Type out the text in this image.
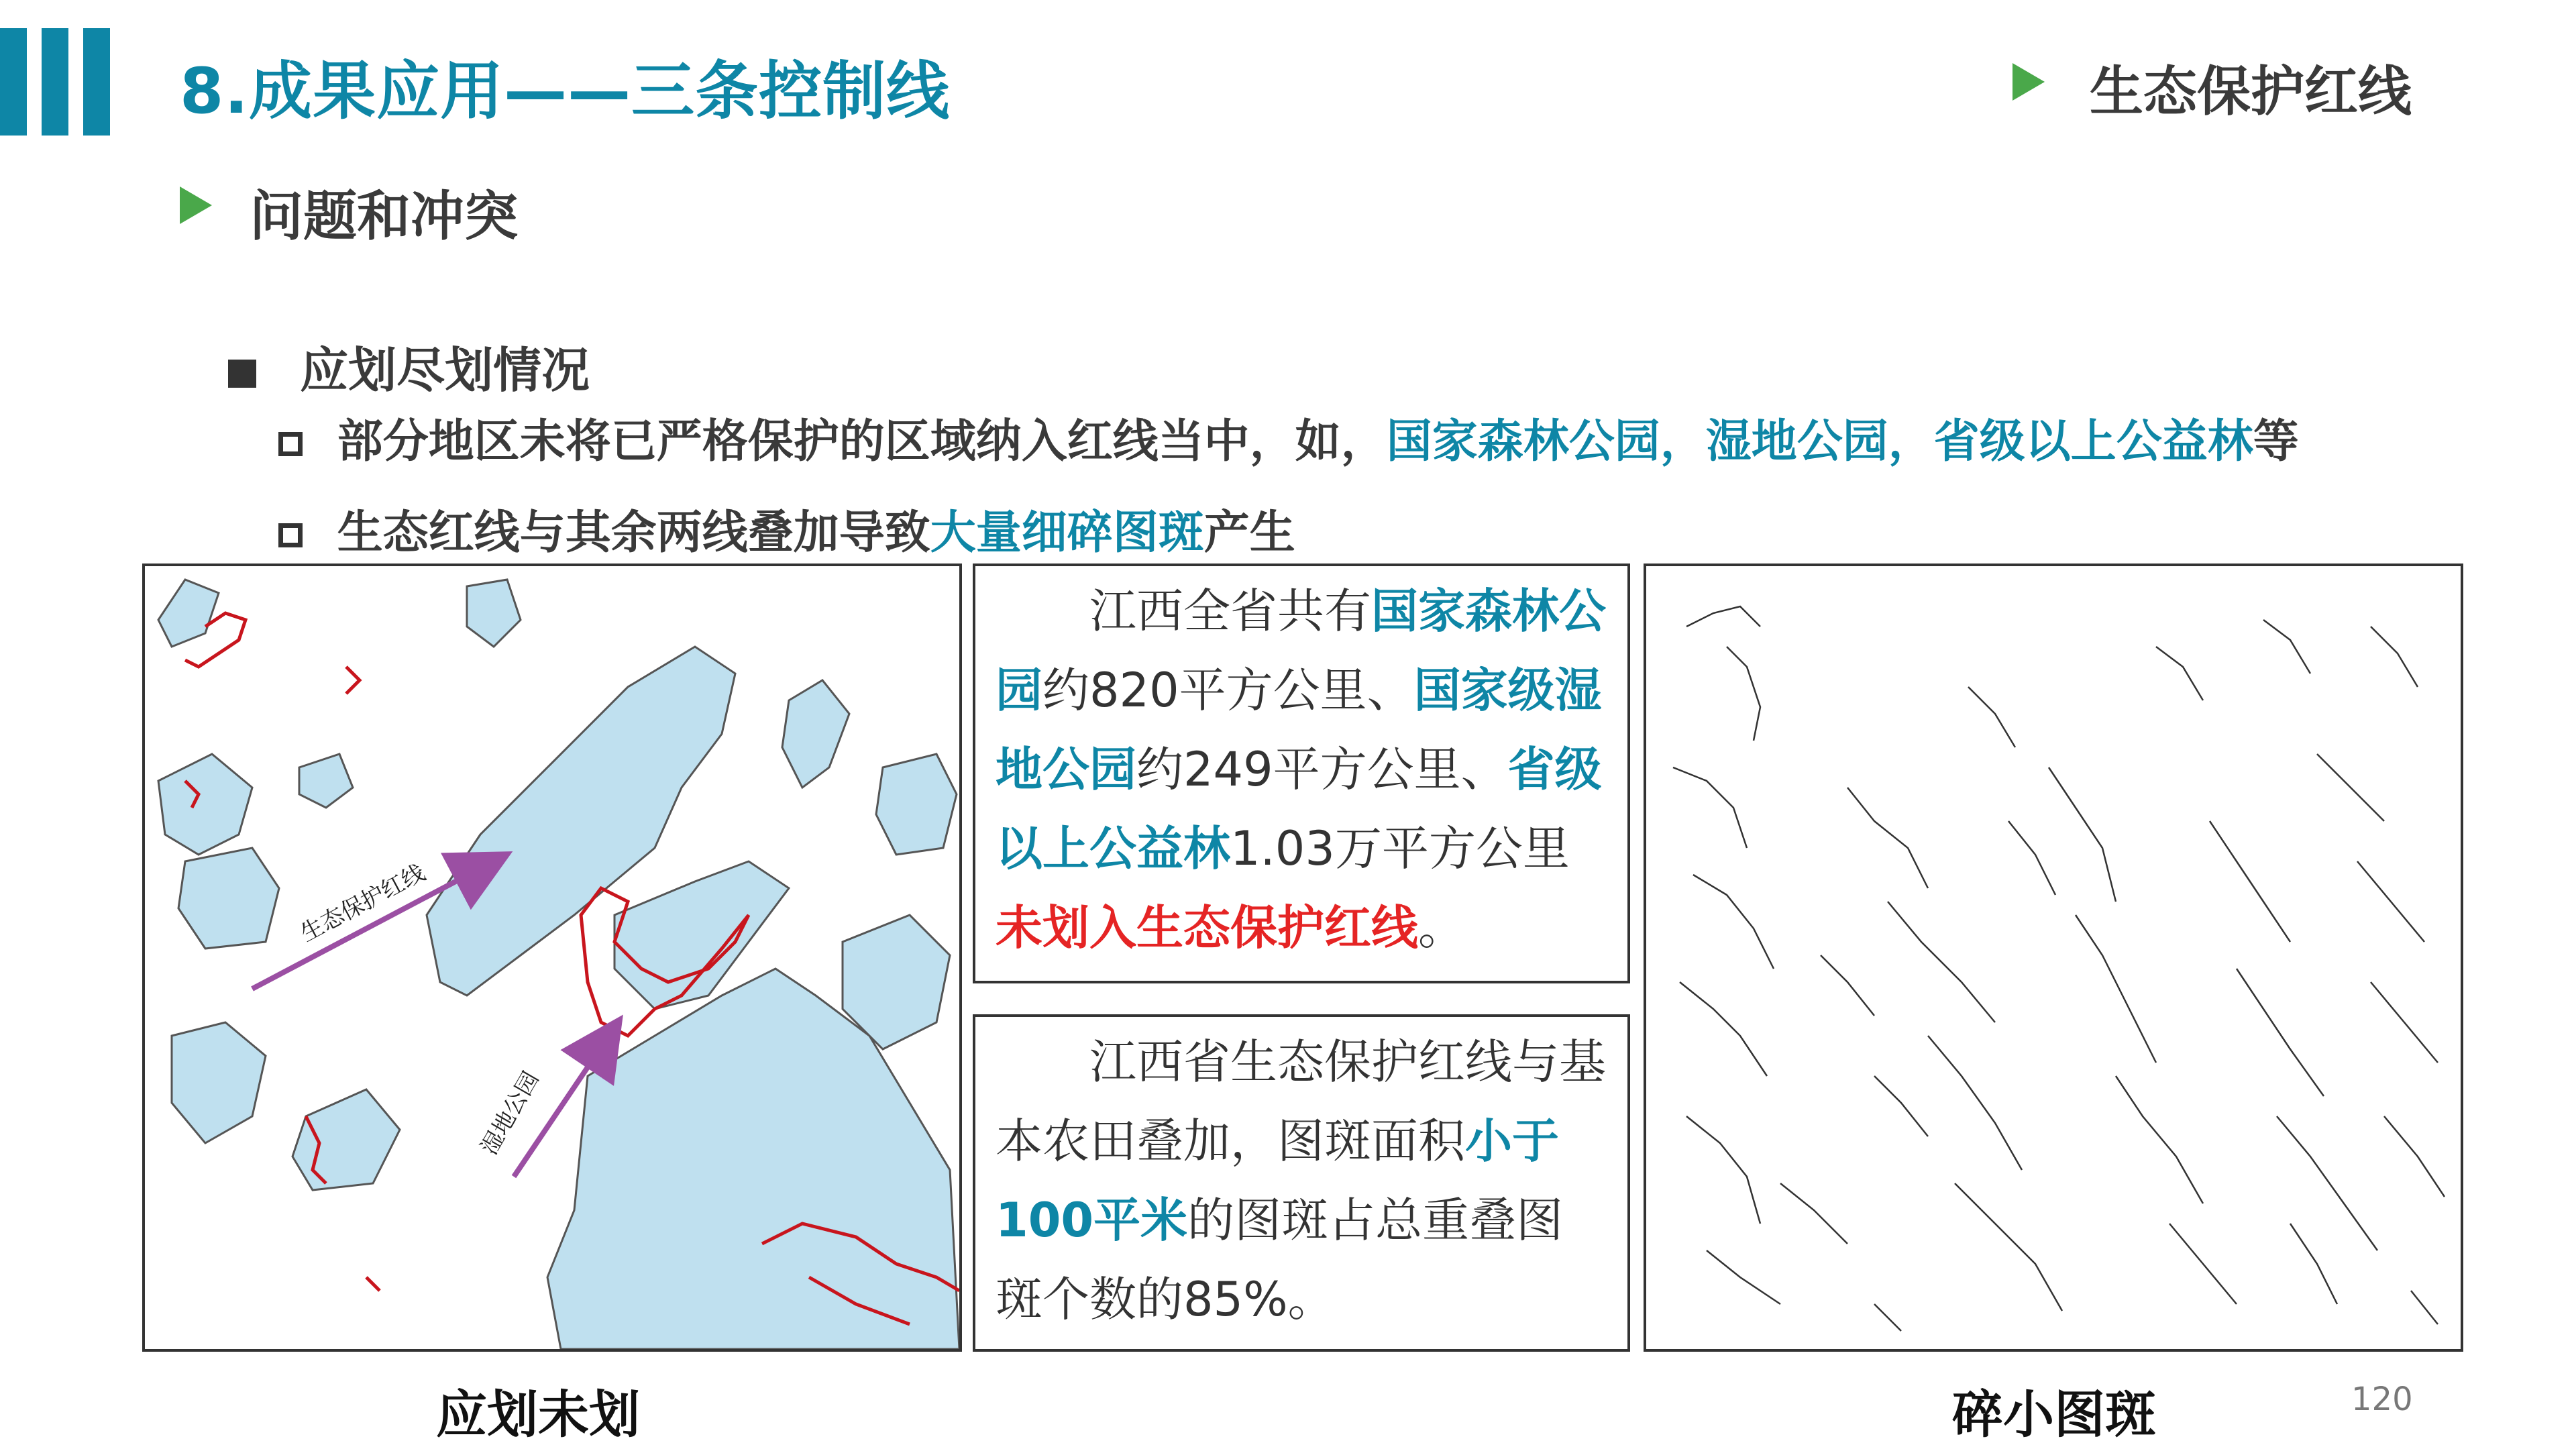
8.成果应用——三条控制线	生态保护红线
问题和冲突
应划尽划情况
部分地区未将已严格保护的区域纳入红线当中，如，国家森林公园，湿地公园，省级以上公益林等
生态红线与其余两线叠加导致大量细碎图斑产生
生态保护红线
湿地公园
江西全省共有国家森林公园约820平方公里、国家级湿地公园约249平方公里、省级以上公益林1.03万平方公里未划入生态保护红线。
江西省生态保护红线与基本农田叠加，图斑面积小于100平米的图斑占总重叠图斑个数的85%。
应划未划	碎小图斑	120
